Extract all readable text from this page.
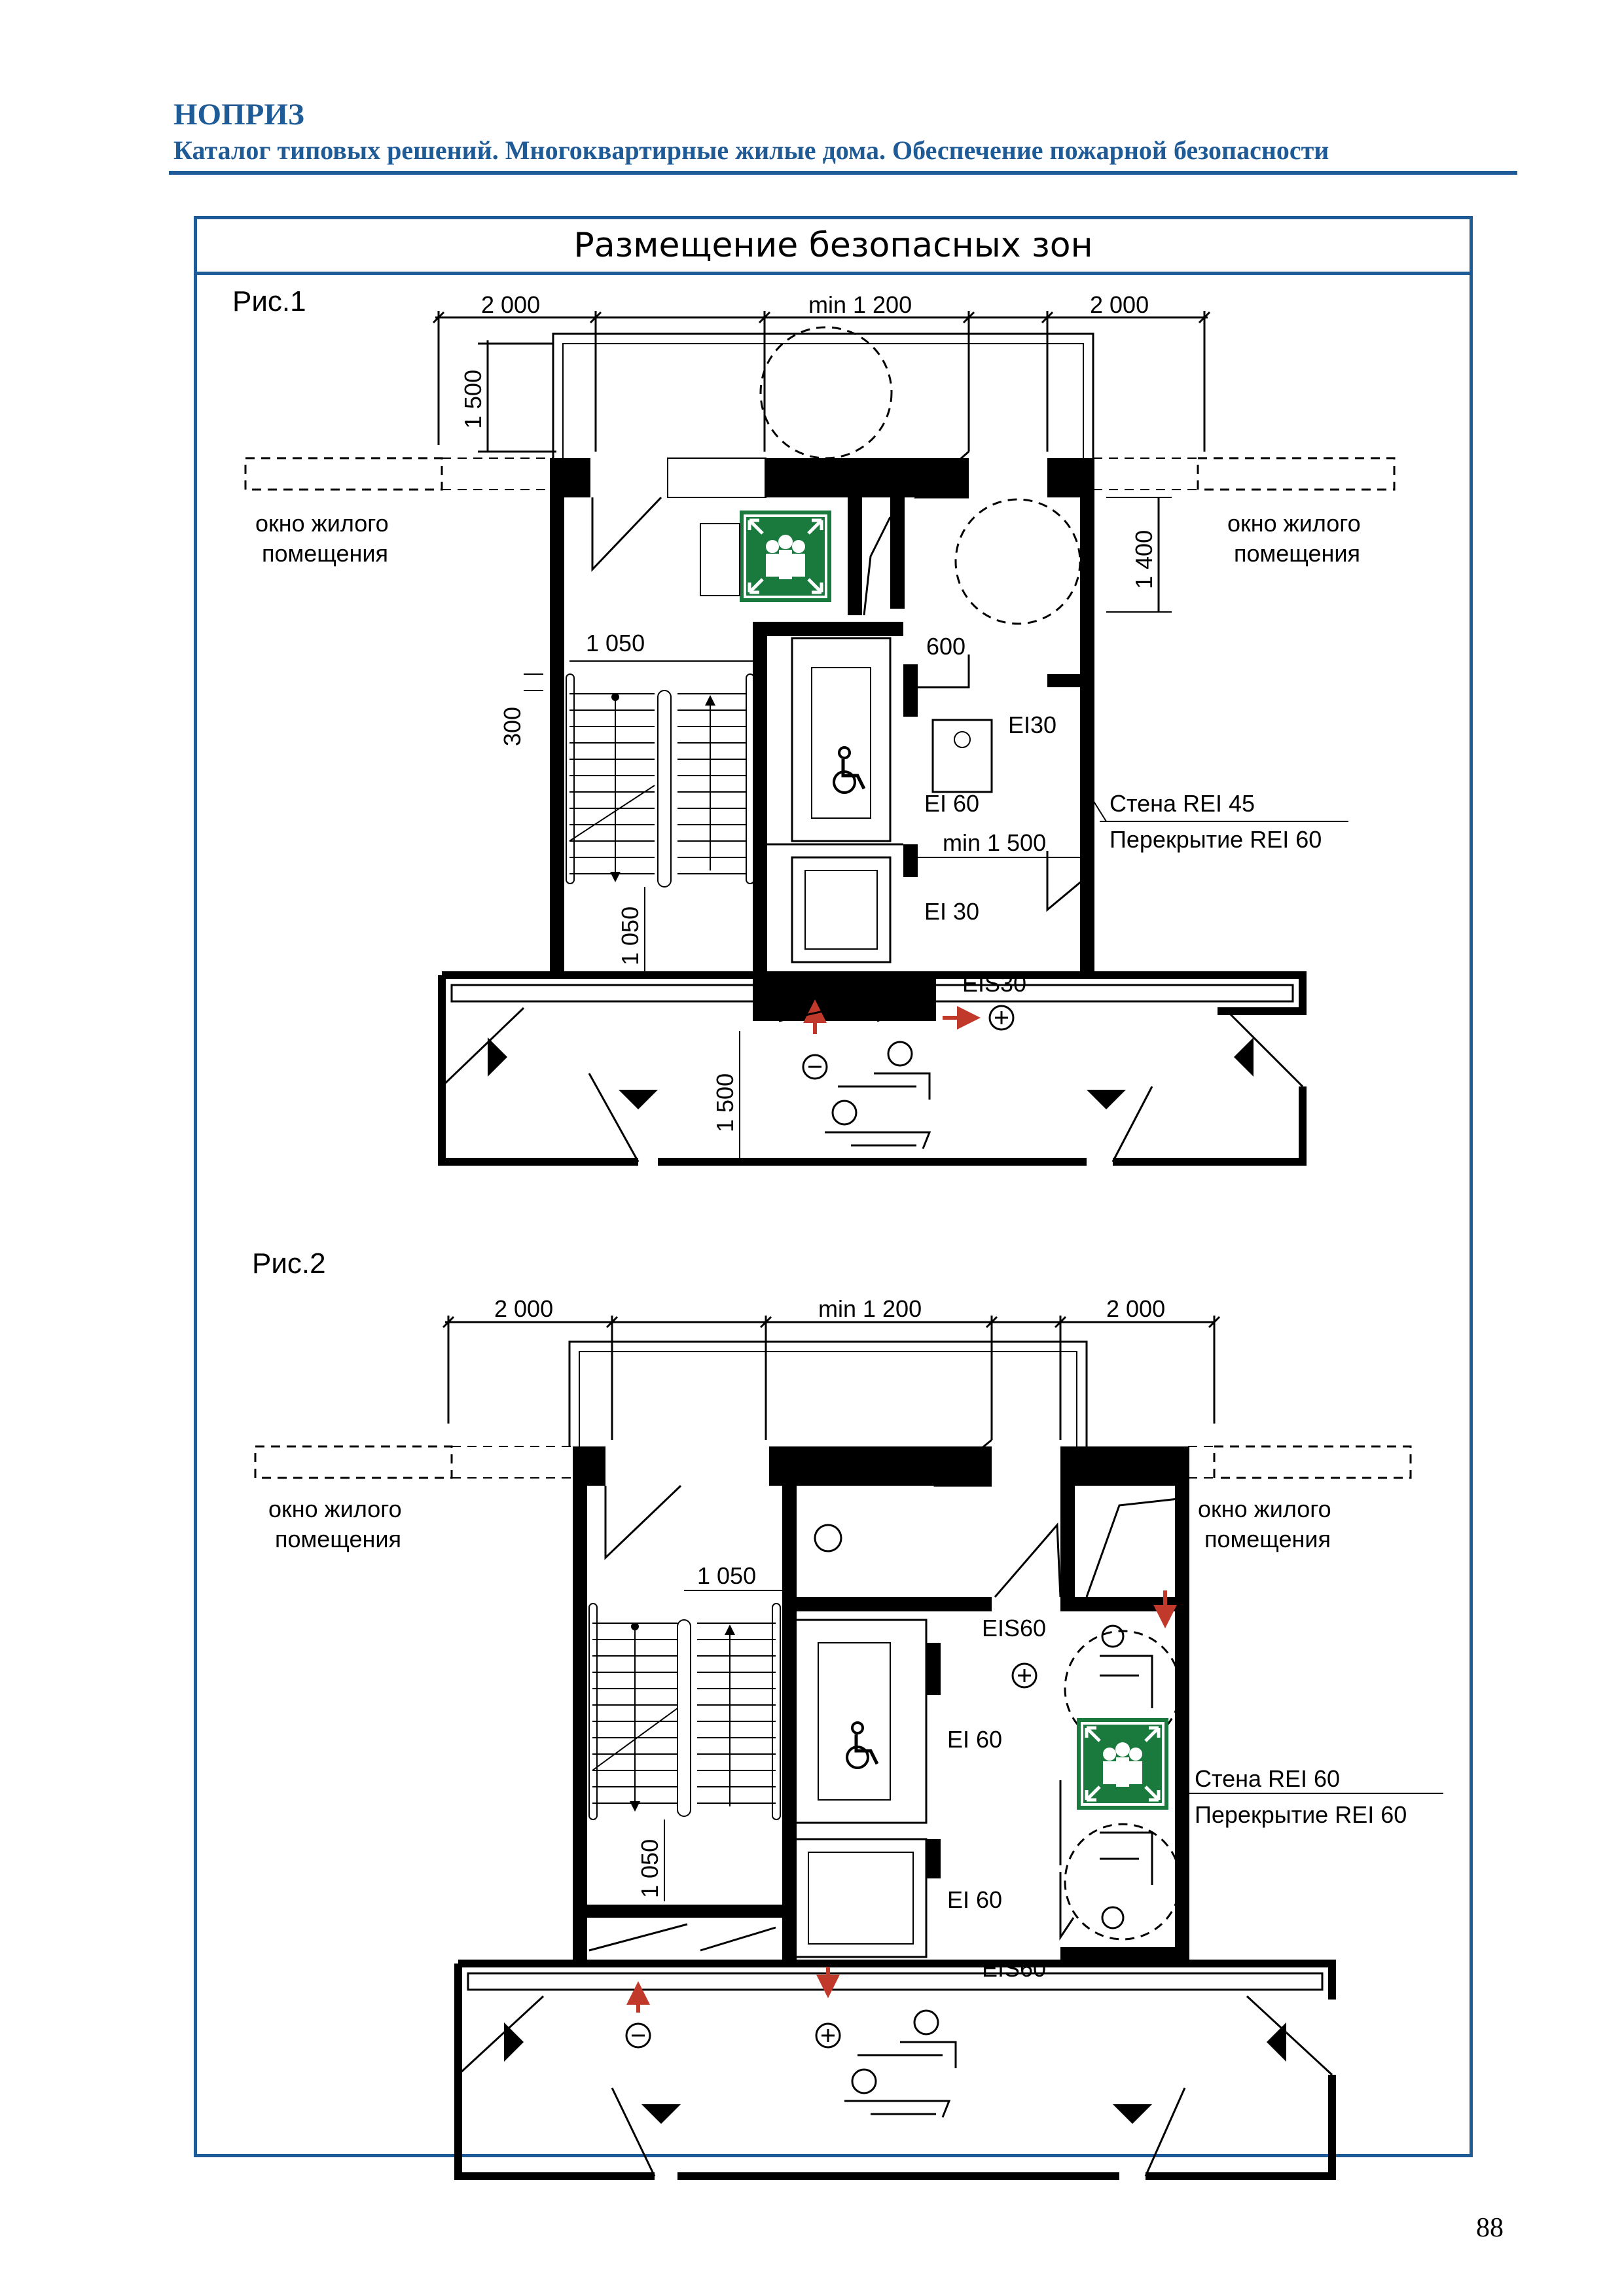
НОПРИЗ
Каталог типовых решений. Многоквартирные жилые дома. Обеспечение пожарной безопасности
Размещение безопасных зон
Рис.1	2 000	min 1 200	2 000
1 500
окно жилого
помещения
окно жилого
помещения
1 050
300
1 050
EI30
EI 60
EI 30
EIS30
600
min 1 500
Стена REI 45
Перекрытие REI 60
1 400
1 500
Рис.2
2 000	min 1 200	2 000
окно жилого
помещения
окно жилого
помещения
1 050
1 050
EIS60
EI 60
EI 60
EIS60
Стена REI 60
Перекрытие REI 60
88
